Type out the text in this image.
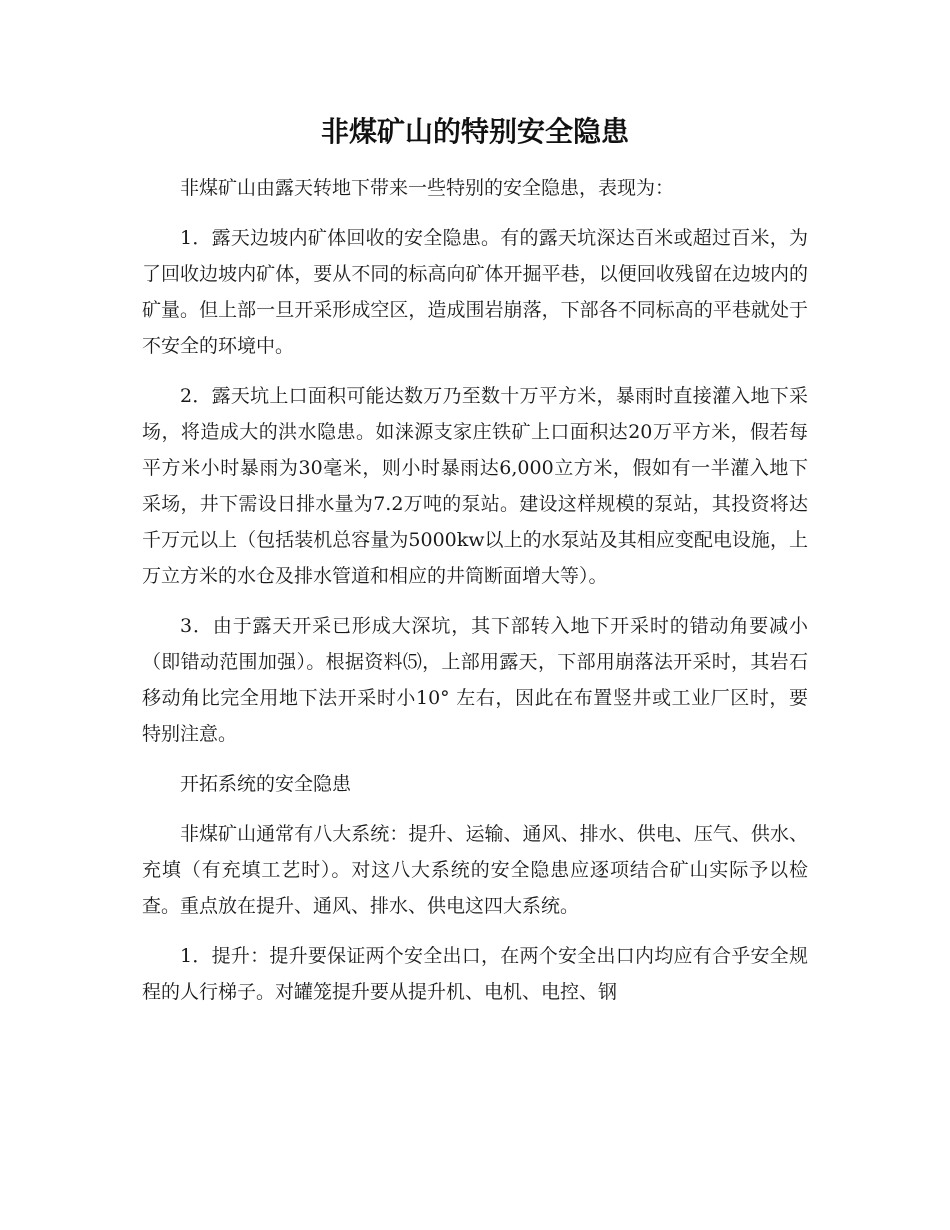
非煤矿山的特别安全隐患

非煤矿山由露天转地下带来一些特别的安全隐患，表现为：

1．露天边坡内矿体回收的安全隐患。有的露天坑深达百米或超过百米，为了回收边坡内矿体，要从不同的标高向矿体开掘平巷，以便回收残留在边坡内的矿量。但上部一旦开采形成空区，造成围岩崩落，下部各不同标高的平巷就处于不安全的环境中。

2．露天坑上口面积可能达数万乃至数十万平方米，暴雨时直接灌入地下采场，将造成大的洪水隐患。如涞源支家庄铁矿上口面积达20万平方米，假若每平方米小时暴雨为30毫米，则小时暴雨达6,000立方米，假如有一半灌入地下采场，井下需设日排水量为7.2万吨的泵站。建设这样规模的泵站，其投资将达千万元以上（包括装机总容量为5000kw以上的水泵站及其相应变配电设施，上万立方米的水仓及排水管道和相应的井筒断面增大等）。

3．由于露天开采已形成大深坑，其下部转入地下开采时的错动角要减小（即错动范围加强）。根据资料⑸，上部用露天，下部用崩落法开采时，其岩石移动角比完全用地下法开采时小10° 左右，因此在布置竖井或工业厂区时，要特别注意。

开拓系统的安全隐患

非煤矿山通常有八大系统：提升、运输、通风、排水、供电、压气、供水、充填（有充填工艺时）。对这八大系统的安全隐患应逐项结合矿山实际予以检查。重点放在提升、通风、排水、供电这四大系统。

1．提升：提升要保证两个安全出口，在两个安全出口内均应有合乎安全规程的人行梯子。对罐笼提升要从提升机、电机、电控、钢
